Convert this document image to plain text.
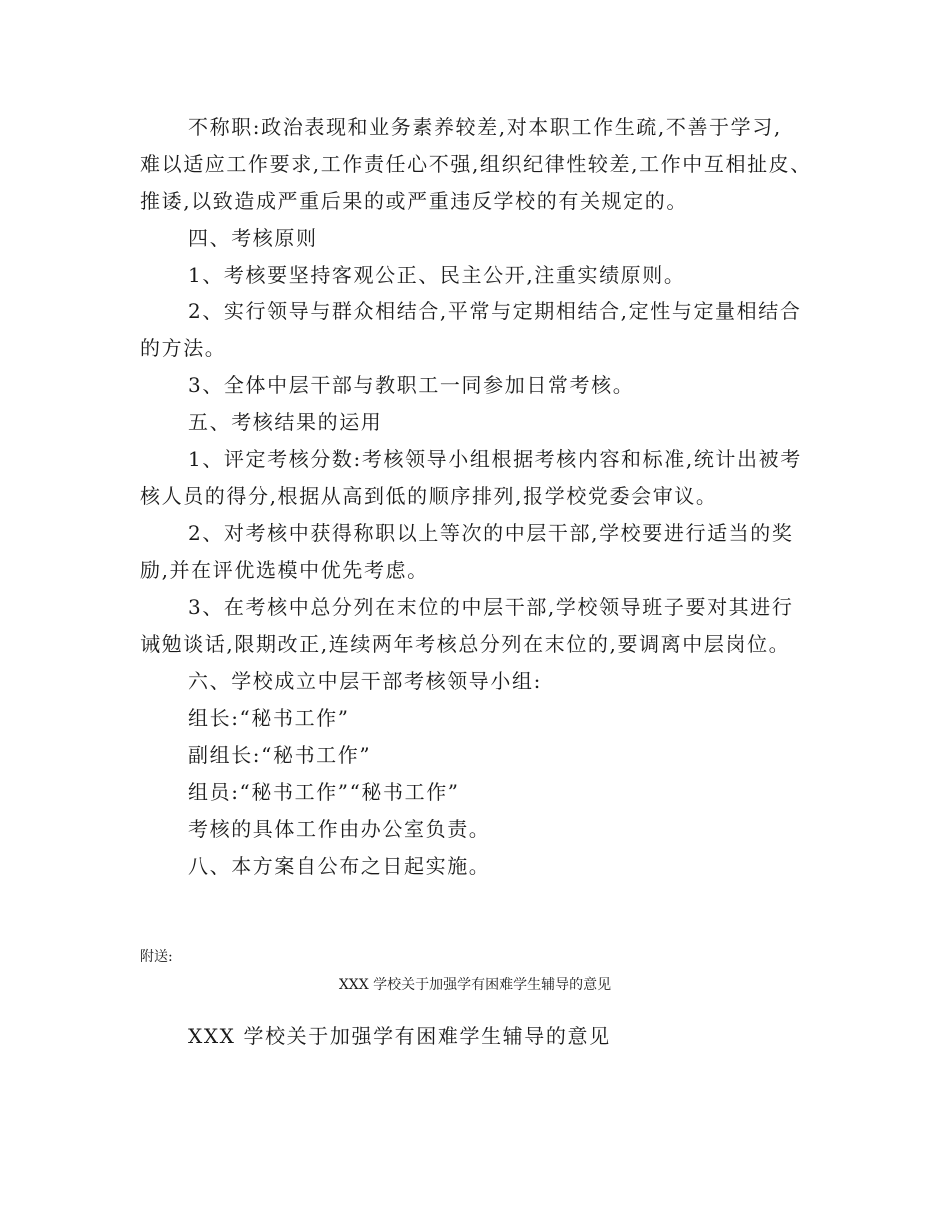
不称职:政治表现和业务素养较差,对本职工作生疏,不善于学习,

难以适应工作要求,工作责任心不强,组织纪律性较差,工作中互相扯皮、

推诿,以致造成严重后果的或严重违反学校的有关规定的。

四、考核原则

1、考核要坚持客观公正、民主公开,注重实绩原则。

2、实行领导与群众相结合,平常与定期相结合,定性与定量相结合

的方法。

3、全体中层干部与教职工一同参加日常考核。

五、考核结果的运用

1、评定考核分数:考核领导小组根据考核内容和标准,统计出被考

核人员的得分,根据从高到低的顺序排列,报学校党委会审议。

2、对考核中获得称职以上等次的中层干部,学校要进行适当的奖

励,并在评优选模中优先考虑。

3、在考核中总分列在末位的中层干部,学校领导班子要对其进行

诫勉谈话,限期改正,连续两年考核总分列在末位的,要调离中层岗位。

六、学校成立中层干部考核领导小组:

组长:“秘书工作”

副组长:“秘书工作”

组员:“秘书工作”“秘书工作”

考核的具体工作由办公室负责。

八、本方案自公布之日起实施。

附送:

XXX 学校关于加强学有困难学生辅导的意见

XXX 学校关于加强学有困难学生辅导的意见
